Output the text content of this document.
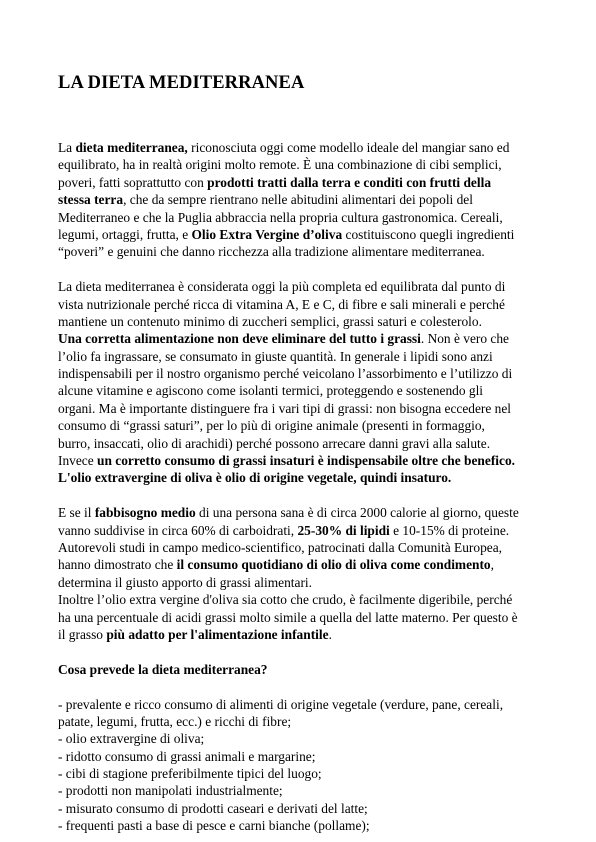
LA DIETA MEDITERRANEA
La dieta mediterranea, riconosciuta oggi come modello ideale del mangiar sano ed
equilibrato, ha in realtà origini molto remote. È una combinazione di cibi semplici,
poveri, fatti soprattutto con prodotti tratti dalla terra e conditi con frutti della
stessa terra, che da sempre rientrano nelle abitudini alimentari dei popoli del
Mediterraneo e che la Puglia abbraccia nella propria cultura gastronomica. Cereali,
legumi, ortaggi, frutta, e Olio Extra Vergine d’oliva costituiscono quegli ingredienti
“poveri” e genuini che danno ricchezza alla tradizione alimentare mediterranea.
La dieta mediterranea è considerata oggi la più completa ed equilibrata dal punto di
vista nutrizionale perché ricca di vitamina A, E e C, di fibre e sali minerali e perché
mantiene un contenuto minimo di zuccheri semplici, grassi saturi e colesterolo.
Una corretta alimentazione non deve eliminare del tutto i grassi. Non è vero che
l’olio fa ingrassare, se consumato in giuste quantità. In generale i lipidi sono anzi
indispensabili per il nostro organismo perché veicolano l’assorbimento e l’utilizzo di
alcune vitamine e agiscono come isolanti termici, proteggendo e sostenendo gli
organi. Ma è importante distinguere fra i vari tipi di grassi: non bisogna eccedere nel
consumo di “grassi saturi”, per lo più di origine animale (presenti in formaggio,
burro, insaccati, olio di arachidi) perché possono arrecare danni gravi alla salute.
Invece un corretto consumo di grassi insaturi è indispensabile oltre che benefico.
L'olio extravergine di oliva è olio di origine vegetale, quindi insaturo.
E se il fabbisogno medio di una persona sana è di circa 2000 calorie al giorno, queste
vanno suddivise in circa 60% di carboidrati, 25-30% di lipidi e 10-15% di proteine.
Autorevoli studi in campo medico-scientifico, patrocinati dalla Comunità Europea,
hanno dimostrato che il consumo quotidiano di olio di oliva come condimento,
determina il giusto apporto di grassi alimentari.
Inoltre l’olio extra vergine d'oliva sia cotto che crudo, è facilmente digeribile, perché
ha una percentuale di acidi grassi molto simile a quella del latte materno. Per questo è
il grasso più adatto per l'alimentazione infantile.
Cosa prevede la dieta mediterranea?
- prevalente e ricco consumo di alimenti di origine vegetale (verdure, pane, cereali,
patate, legumi, frutta, ecc.) e ricchi di fibre;
- olio extravergine di oliva;
- ridotto consumo di grassi animali e margarine;
- cibi di stagione preferibilmente tipici del luogo;
- prodotti non manipolati industrialmente;
- misurato consumo di prodotti caseari e derivati del latte;
- frequenti pasti a base di pesce e carni bianche (pollame);
